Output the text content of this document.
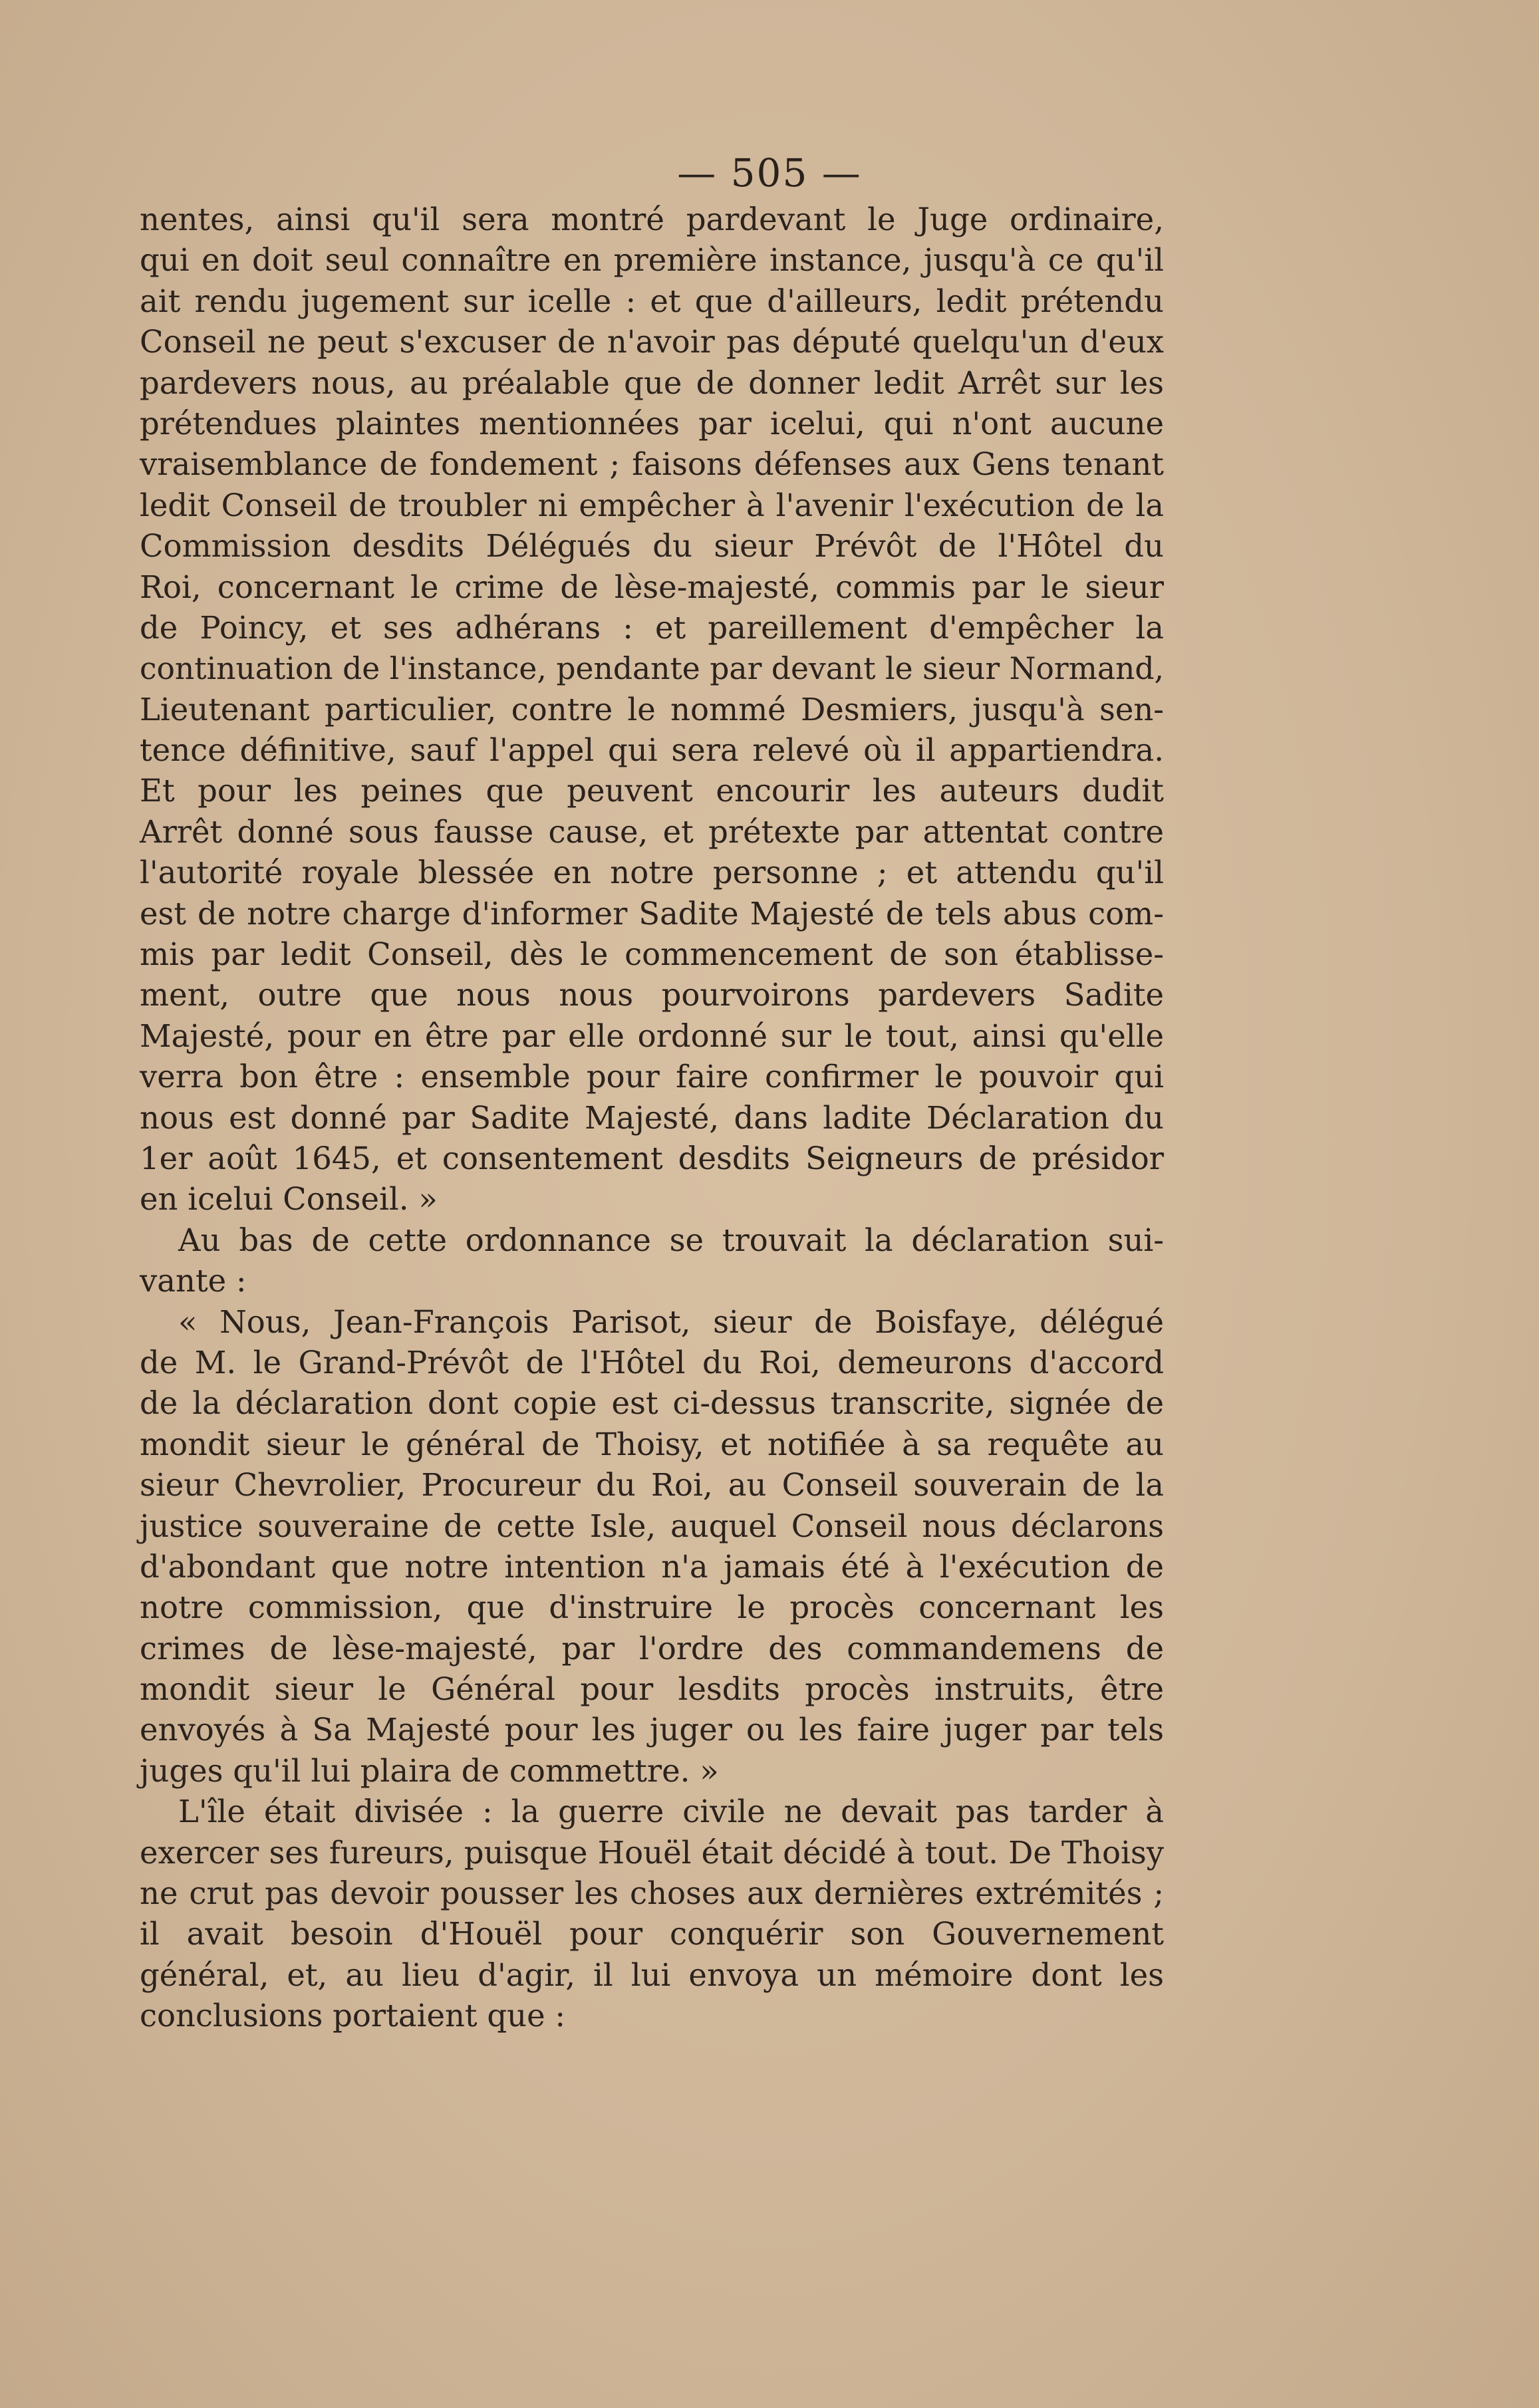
— 505 —
nentes, ainsi qu'il sera montré pardevant le Juge ordinaire,
qui en doit seul connaître en première instance, jusqu'à ce qu'il
ait rendu jugement sur icelle : et que d'ailleurs, ledit prétendu
Conseil ne peut s'excuser de n'avoir pas député quelqu'un d'eux
pardevers nous, au préalable que de donner ledit Arrêt sur les
prétendues plaintes mentionnées par icelui, qui n'ont aucune
vraisemblance de fondement ; faisons défenses aux Gens tenant
ledit Conseil de troubler ni empêcher à l'avenir l'exécution de la
Commission desdits Délégués du sieur Prévôt de l'Hôtel du
Roi, concernant le crime de lèse-majesté, commis par le sieur
de Poincy, et ses adhérans : et pareillement d'empêcher la
continuation de l'instance, pendante par devant le sieur Normand,
Lieutenant particulier, contre le nommé Desmiers, jusqu'à sen-
tence définitive, sauf l'appel qui sera relevé où il appartiendra.
Et pour les peines que peuvent encourir les auteurs dudit
Arrêt donné sous fausse cause, et prétexte par attentat contre
l'autorité royale blessée en notre personne ; et attendu qu'il
est de notre charge d'informer Sadite Majesté de tels abus com-
mis par ledit Conseil, dès le commencement de son établisse-
ment, outre que nous nous pourvoirons pardevers Sadite
Majesté, pour en être par elle ordonné sur le tout, ainsi qu'elle
verra bon être : ensemble pour faire confirmer le pouvoir qui
nous est donné par Sadite Majesté, dans ladite Déclaration du
1er août 1645, et consentement desdits Seigneurs de présidor
en icelui Conseil. »
Au bas de cette ordonnance se trouvait la déclaration sui-
vante :
« Nous, Jean-François Parisot, sieur de Boisfaye, délégué
de M. le Grand-Prévôt de l'Hôtel du Roi, demeurons d'accord
de la déclaration dont copie est ci-dessus transcrite, signée de
mondit sieur le général de Thoisy, et notifiée à sa requête au
sieur Chevrolier, Procureur du Roi, au Conseil souverain de la
justice souveraine de cette Isle, auquel Conseil nous déclarons
d'abondant que notre intention n'a jamais été à l'exécution de
notre commission, que d'instruire le procès concernant les
crimes de lèse-majesté, par l'ordre des commandemens de
mondit sieur le Général pour lesdits procès instruits, être
envoyés à Sa Majesté pour les juger ou les faire juger par tels
juges qu'il lui plaira de commettre. »
L'île était divisée : la guerre civile ne devait pas tarder à
exercer ses fureurs, puisque Houël était décidé à tout. De Thoisy
ne crut pas devoir pousser les choses aux dernières extrémités ;
il avait besoin d'Houël pour conquérir son Gouvernement
général, et, au lieu d'agir, il lui envoya un mémoire dont les
conclusions portaient que :
